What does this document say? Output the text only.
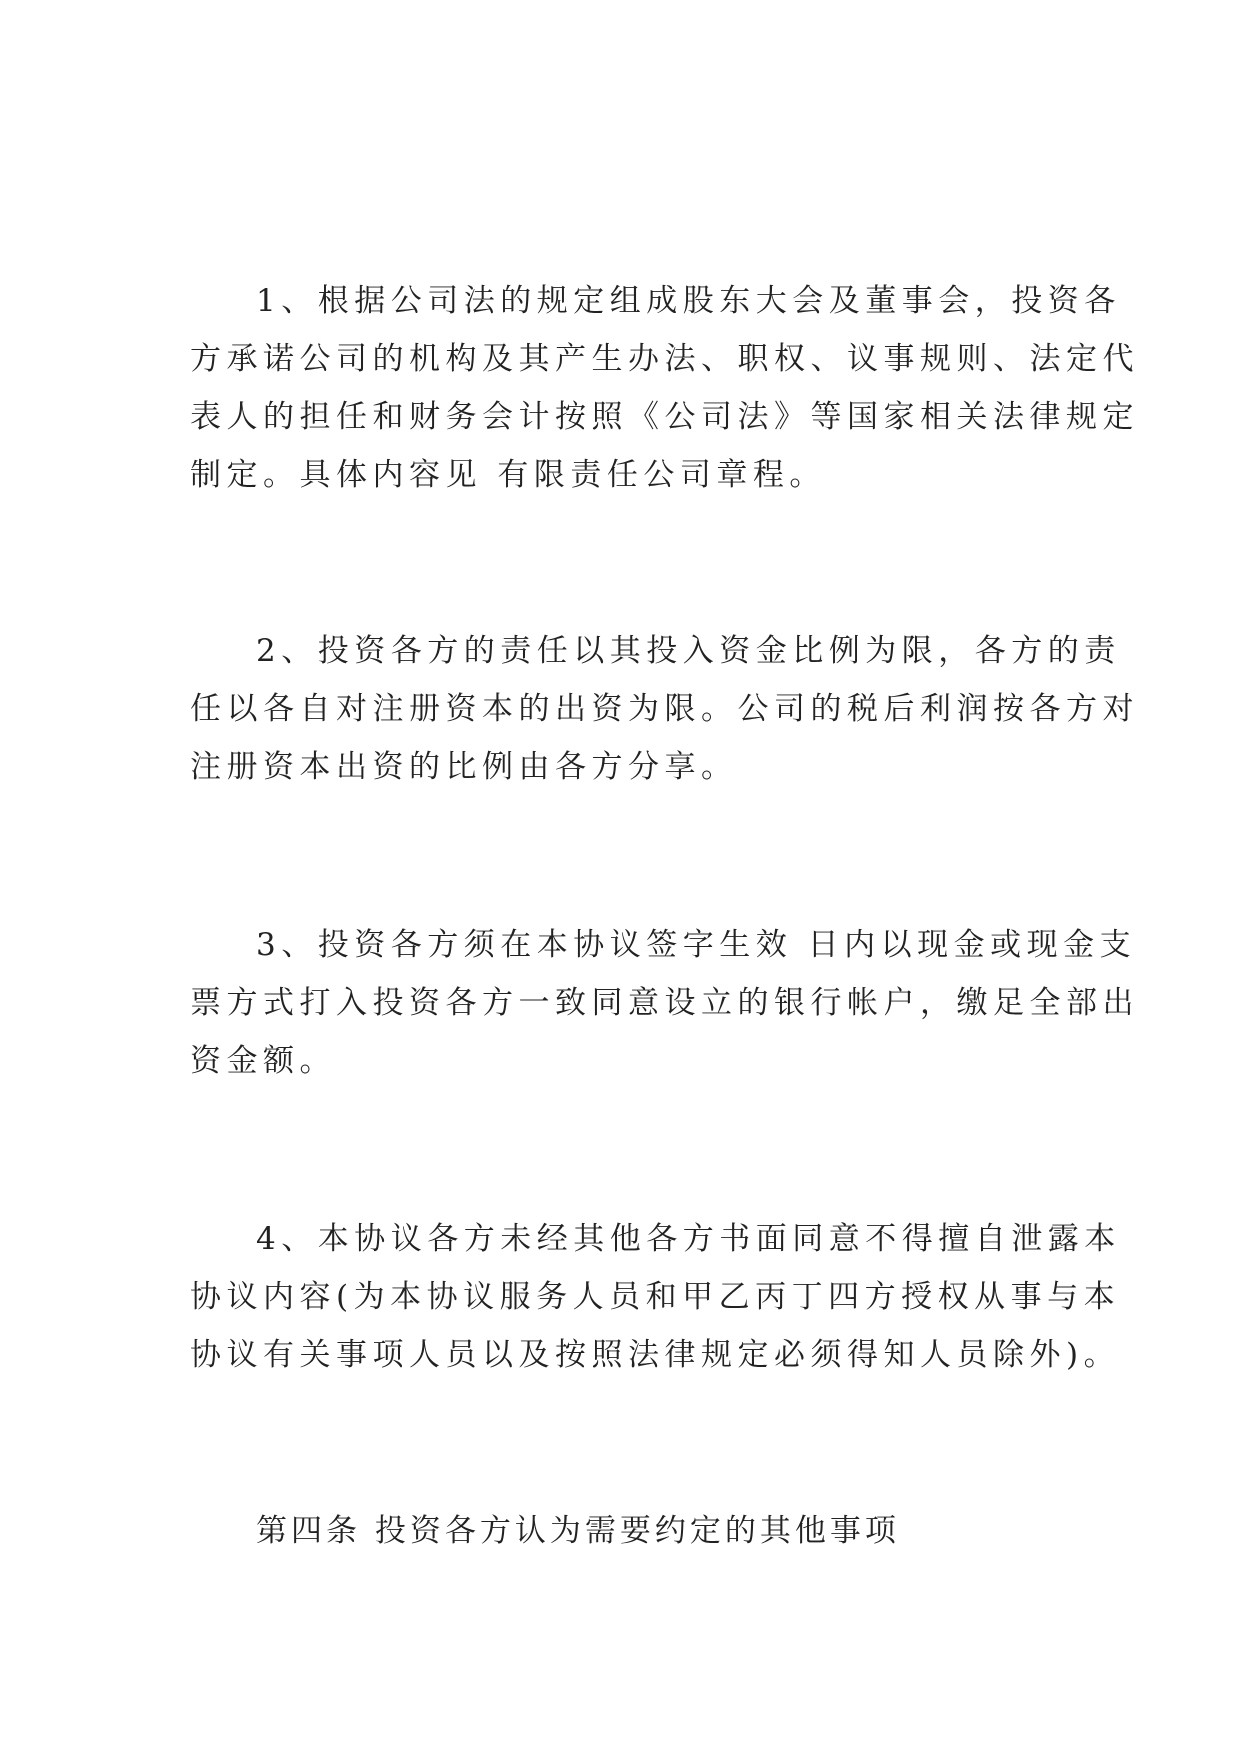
1、根据公司法的规定组成股东大会及董事会，投资各
方承诺公司的机构及其产生办法、职权、议事规则、法定代
表人的担任和财务会计按照《公司法》等国家相关法律规定
制定。具体内容见 有限责任公司章程。
2、投资各方的责任以其投入资金比例为限，各方的责
任以各自对注册资本的出资为限。公司的税后利润按各方对
注册资本出资的比例由各方分享。
3、投资各方须在本协议签字生效 日内以现金或现金支
票方式打入投资各方一致同意设立的银行帐户，缴足全部出
资金额。
4、本协议各方未经其他各方书面同意不得擅自泄露本
协议内容(为本协议服务人员和甲乙丙丁四方授权从事与本
协议有关事项人员以及按照法律规定必须得知人员除外)。

第四条 投资各方认为需要约定的其他事项
